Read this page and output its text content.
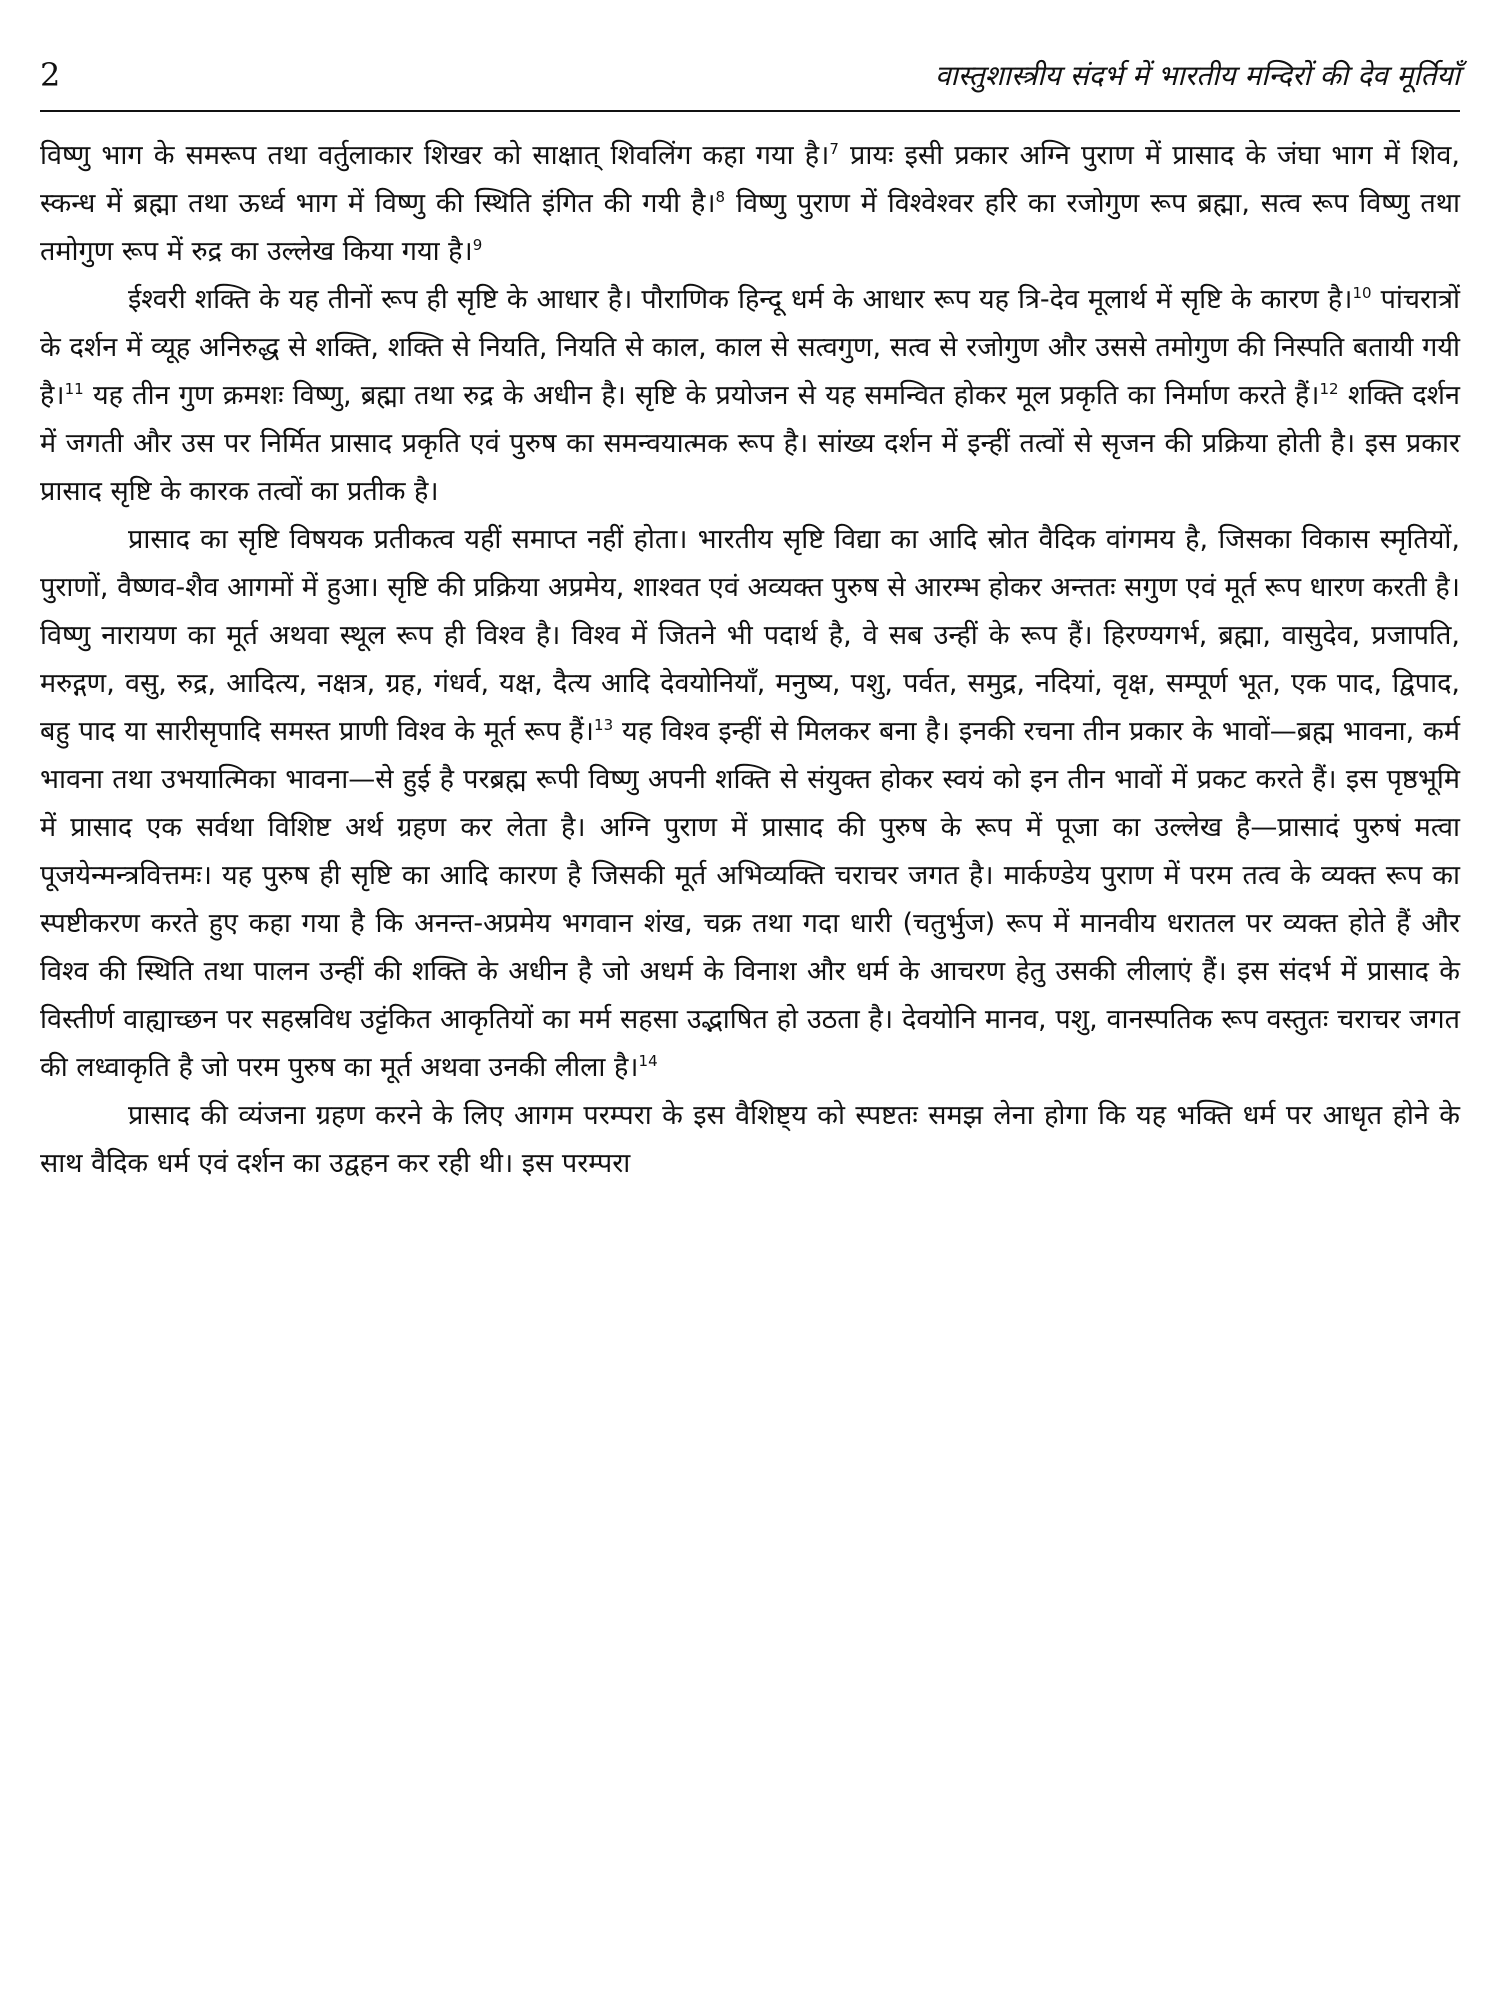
2	वास्तुशास्त्रीय संदर्भ में भारतीय मन्दिरों की देव मूर्तियाँ

विष्णु भाग के समरूप तथा वर्तुलाकार शिखर को साक्षात् शिवलिंग कहा गया है।$^7$ प्रायः इसी प्रकार अग्नि पुराण में प्रासाद के जंघा भाग में शिव, स्कन्ध में ब्रह्मा तथा ऊर्ध्व भाग में विष्णु की स्थिति इंगित की गयी है।$^8$ विष्णु पुराण में विश्वेश्वर हरि का रजोगुण रूप ब्रह्मा, सत्व रूप विष्णु तथा तमोगुण रूप में रुद्र का उल्लेख किया गया है।$^9$

ईश्वरी शक्ति के यह तीनों रूप ही सृष्टि के आधार है। पौराणिक हिन्दू धर्म के आधार रूप यह त्रि-देव मूलार्थ में सृष्टि के कारण है।$^{10}$ पांचरात्रों के दर्शन में व्यूह अनिरुद्ध से शक्ति, शक्ति से नियति, नियति से काल, काल से सत्वगुण, सत्व से रजोगुण और उससे तमोगुण की निस्पति बतायी गयी है।$^{11}$ यह तीन गुण क्रमशः विष्णु, ब्रह्मा तथा रुद्र के अधीन है। सृष्टि के प्रयोजन से यह समन्वित होकर मूल प्रकृति का निर्माण करते हैं।$^{12}$ शक्ति दर्शन में जगती और उस पर निर्मित प्रासाद प्रकृति एवं पुरुष का समन्वयात्मक रूप है। सांख्य दर्शन में इन्हीं तत्वों से सृजन की प्रक्रिया होती है। इस प्रकार प्रासाद सृष्टि के कारक तत्वों का प्रतीक है।

प्रासाद का सृष्टि विषयक प्रतीकत्व यहीं समाप्त नहीं होता। भारतीय सृष्टि विद्या का आदि स्रोत वैदिक वांगमय है, जिसका विकास स्मृतियों, पुराणों, वैष्णव-शैव आगमों में हुआ। सृष्टि की प्रक्रिया अप्रमेय, शाश्वत एवं अव्यक्त पुरुष से आरम्भ होकर अन्ततः सगुण एवं मूर्त रूप धारण करती है। विष्णु नारायण का मूर्त अथवा स्थूल रूप ही विश्व है। विश्व में जितने भी पदार्थ है, वे सब उन्हीं के रूप हैं। हिरण्यगर्भ, ब्रह्मा, वासुदेव, प्रजापति, मरुद्गण, वसु, रुद्र, आदित्य, नक्षत्र, ग्रह, गंधर्व, यक्ष, दैत्य आदि देवयोनियाँ, मनुष्य, पशु, पर्वत, समुद्र, नदियां, वृक्ष, सम्पूर्ण भूत, एक पाद, द्विपाद, बहु पाद या सारीसृपादि समस्त प्राणी विश्व के मूर्त रूप हैं।$^{13}$ यह विश्व इन्हीं से मिलकर बना है। इनकी रचना तीन प्रकार के भावों—ब्रह्म भावना, कर्म भावना तथा उभयात्मिका भावना—से हुई है परब्रह्म रूपी विष्णु अपनी शक्ति से संयुक्त होकर स्वयं को इन तीन भावों में प्रकट करते हैं। इस पृष्ठभूमि में प्रासाद एक सर्वथा विशिष्ट अर्थ ग्रहण कर लेता है। अग्नि पुराण में प्रासाद की पुरुष के रूप में पूजा का उल्लेख है—प्रासादं पुरुषं मत्वा पूजयेन्मन्त्रवित्तमः। यह पुरुष ही सृष्टि का आदि कारण है जिसकी मूर्त अभिव्यक्ति चराचर जगत है। मार्कण्डेय पुराण में परम तत्व के व्यक्त रूप का स्पष्टीकरण करते हुए कहा गया है कि अनन्त-अप्रमेय भगवान शंख, चक्र तथा गदा धारी (चतुर्भुज) रूप में मानवीय धरातल पर व्यक्त होते हैं और विश्व की स्थिति तथा पालन उन्हीं की शक्ति के अधीन है जो अधर्म के विनाश और धर्म के आचरण हेतु उसकी लीलाएं हैं। इस संदर्भ में प्रासाद के विस्तीर्ण वाह्याच्छन पर सहस्रविध उट्टंकित आकृतियों का मर्म सहसा उद्भाषित हो उठता है। देवयोनि मानव, पशु, वानस्पतिक रूप वस्तुतः चराचर जगत की लध्वाकृति है जो परम पुरुष का मूर्त अथवा उनकी लीला है।$^{14}$

प्रासाद की व्यंजना ग्रहण करने के लिए आगम परम्परा के इस वैशिष्ट्य को स्पष्टतः समझ लेना होगा कि यह भक्ति धर्म पर आधृत होने के साथ वैदिक धर्म एवं दर्शन का उद्वहन कर रही थी। इस परम्परा
